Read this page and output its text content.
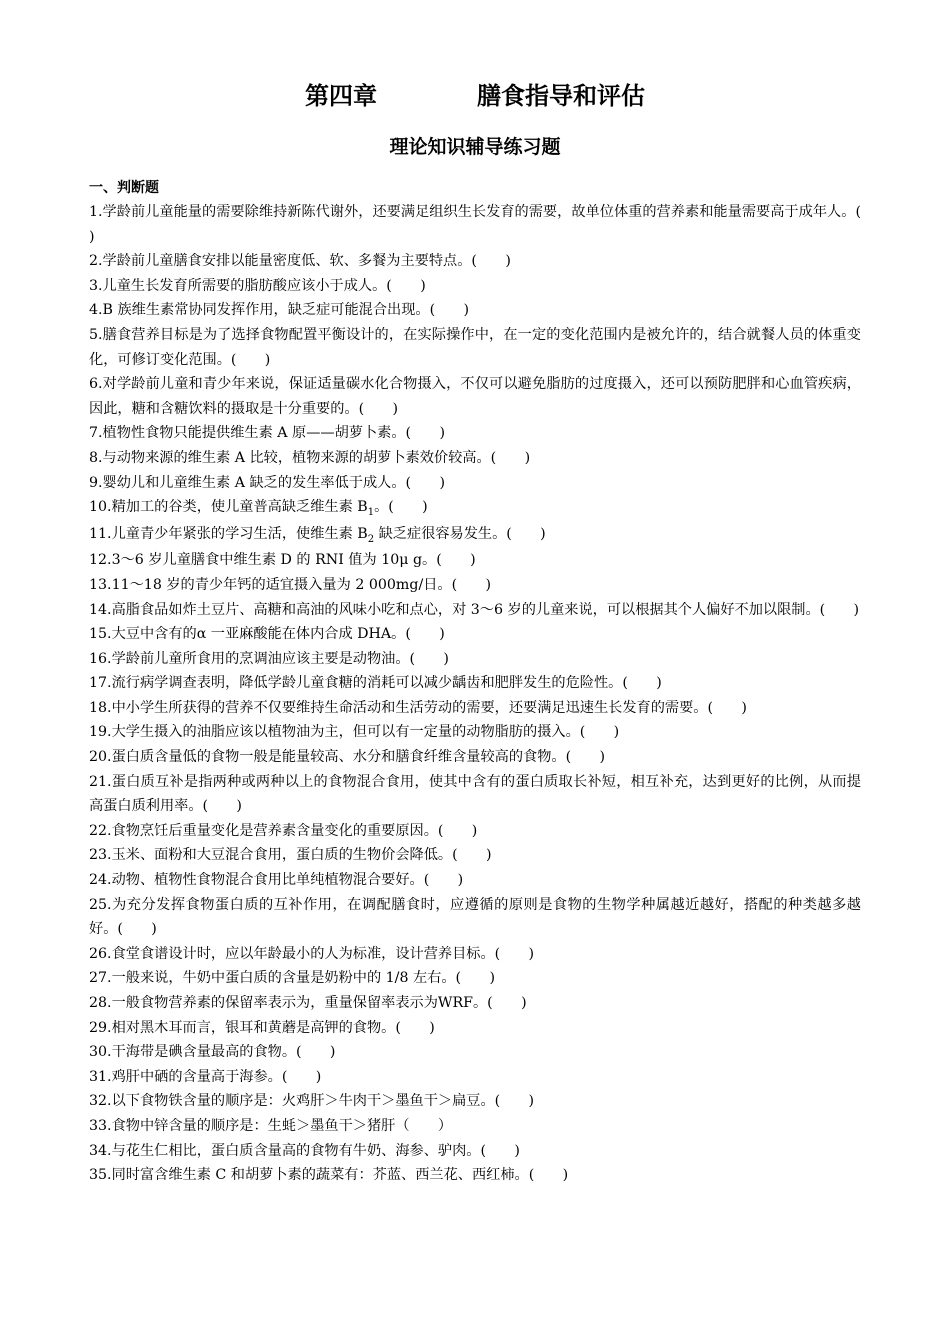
第四章	膳食指导和评估
理论知识辅导练习题
一、判断题
1.学龄前儿童能量的需要除维持新陈代谢外，还要满足组织生长发育的需要，故单位体重的营养素和能量需要高于成年人。(　　)
2.学龄前儿童膳食安排以能量密度低、软、多餐为主要特点。(　　)
3.儿童生长发育所需要的脂肪酸应该小于成人。(　　)
4.B 族维生素常协同发挥作用，缺乏症可能混合出现。(　　)
5.膳食营养目标是为了选择食物配置平衡设计的，在实际操作中，在一定的变化范围内是被允许的，结合就餐人员的体重变化，可修订变化范围。(　　)
6.对学龄前儿童和青少年来说，保证适量碳水化合物摄入，不仅可以避免脂肪的过度摄入，还可以预防肥胖和心血管疾病，因此，糖和含糖饮料的摄取是十分重要的。(　　)
7.植物性食物只能提供维生素 A 原——胡萝卜素。(　　)
8.与动物来源的维生素 A 比较，植物来源的胡萝卜素效价较高。(　　)
9.婴幼儿和儿童维生素 A 缺乏的发生率低于成人。(　　)
10.精加工的谷类，使儿童普高缺乏维生素 $B_1$。(　　)
11.儿童青少年紧张的学习生活，使维生素 $B_2$ 缺乏症很容易发生。(　　)
12.3～6 岁儿童膳食中维生素 D 的 RNI 值为 10μ g。(　　)
13.11～18 岁的青少年钙的适宜摄入量为 2 000mg/日。(　　)
14.高脂食品如炸土豆片、高糖和高油的风味小吃和点心，对 3～6 岁的儿童来说，可以根据其个人偏好不加以限制。(　　)
15.大豆中含有的α 一亚麻酸能在体内合成 DHA。(　　)
16.学龄前儿童所食用的烹调油应该主要是动物油。(　　)
17.流行病学调查表明，降低学龄儿童食糖的消耗可以减少龋齿和肥胖发生的危险性。(　　)
18.中小学生所获得的营养不仅要维持生命活动和生活劳动的需要，还要满足迅速生长发育的需要。(　　)
19.大学生摄入的油脂应该以植物油为主，但可以有一定量的动物脂肪的摄入。(　　)
20.蛋白质含量低的食物一般是能量较高、水分和膳食纤维含量较高的食物。(　　)
21.蛋白质互补是指两种或两种以上的食物混合食用，使其中含有的蛋白质取长补短，相互补充，达到更好的比例，从而提高蛋白质利用率。(　　)
22.食物烹饪后重量变化是营养素含量变化的重要原因。(　　)
23.玉米、面粉和大豆混合食用，蛋白质的生物价会降低。(　　)
24.动物、植物性食物混合食用比单纯植物混合要好。(　　)
25.为充分发挥食物蛋白质的互补作用，在调配膳食时，应遵循的原则是食物的生物学种属越近越好，搭配的种类越多越好。(　　)
26.食堂食谱设计时，应以年龄最小的人为标准，设计营养目标。(　　)
27.一般来说，牛奶中蛋白质的含量是奶粉中的 1/8 左右。(　　)
28.一般食物营养素的保留率表示为，重量保留率表示为WRF。(　　)
29.相对黑木耳而言，银耳和黄蘑是高钾的食物。(　　)
30.干海带是碘含量最高的食物。(　　)
31.鸡肝中硒的含量高于海参。(　　)
32.以下食物铁含量的顺序是：火鸡肝＞牛肉干＞墨鱼干＞扁豆。(　　)
33.食物中锌含量的顺序是：生蚝＞墨鱼干＞猪肝（　　）
34.与花生仁相比，蛋白质含量高的食物有牛奶、海参、驴肉。(　　)
35.同时富含维生素 C 和胡萝卜素的蔬菜有：芥蓝、西兰花、西红柿。(　　)
